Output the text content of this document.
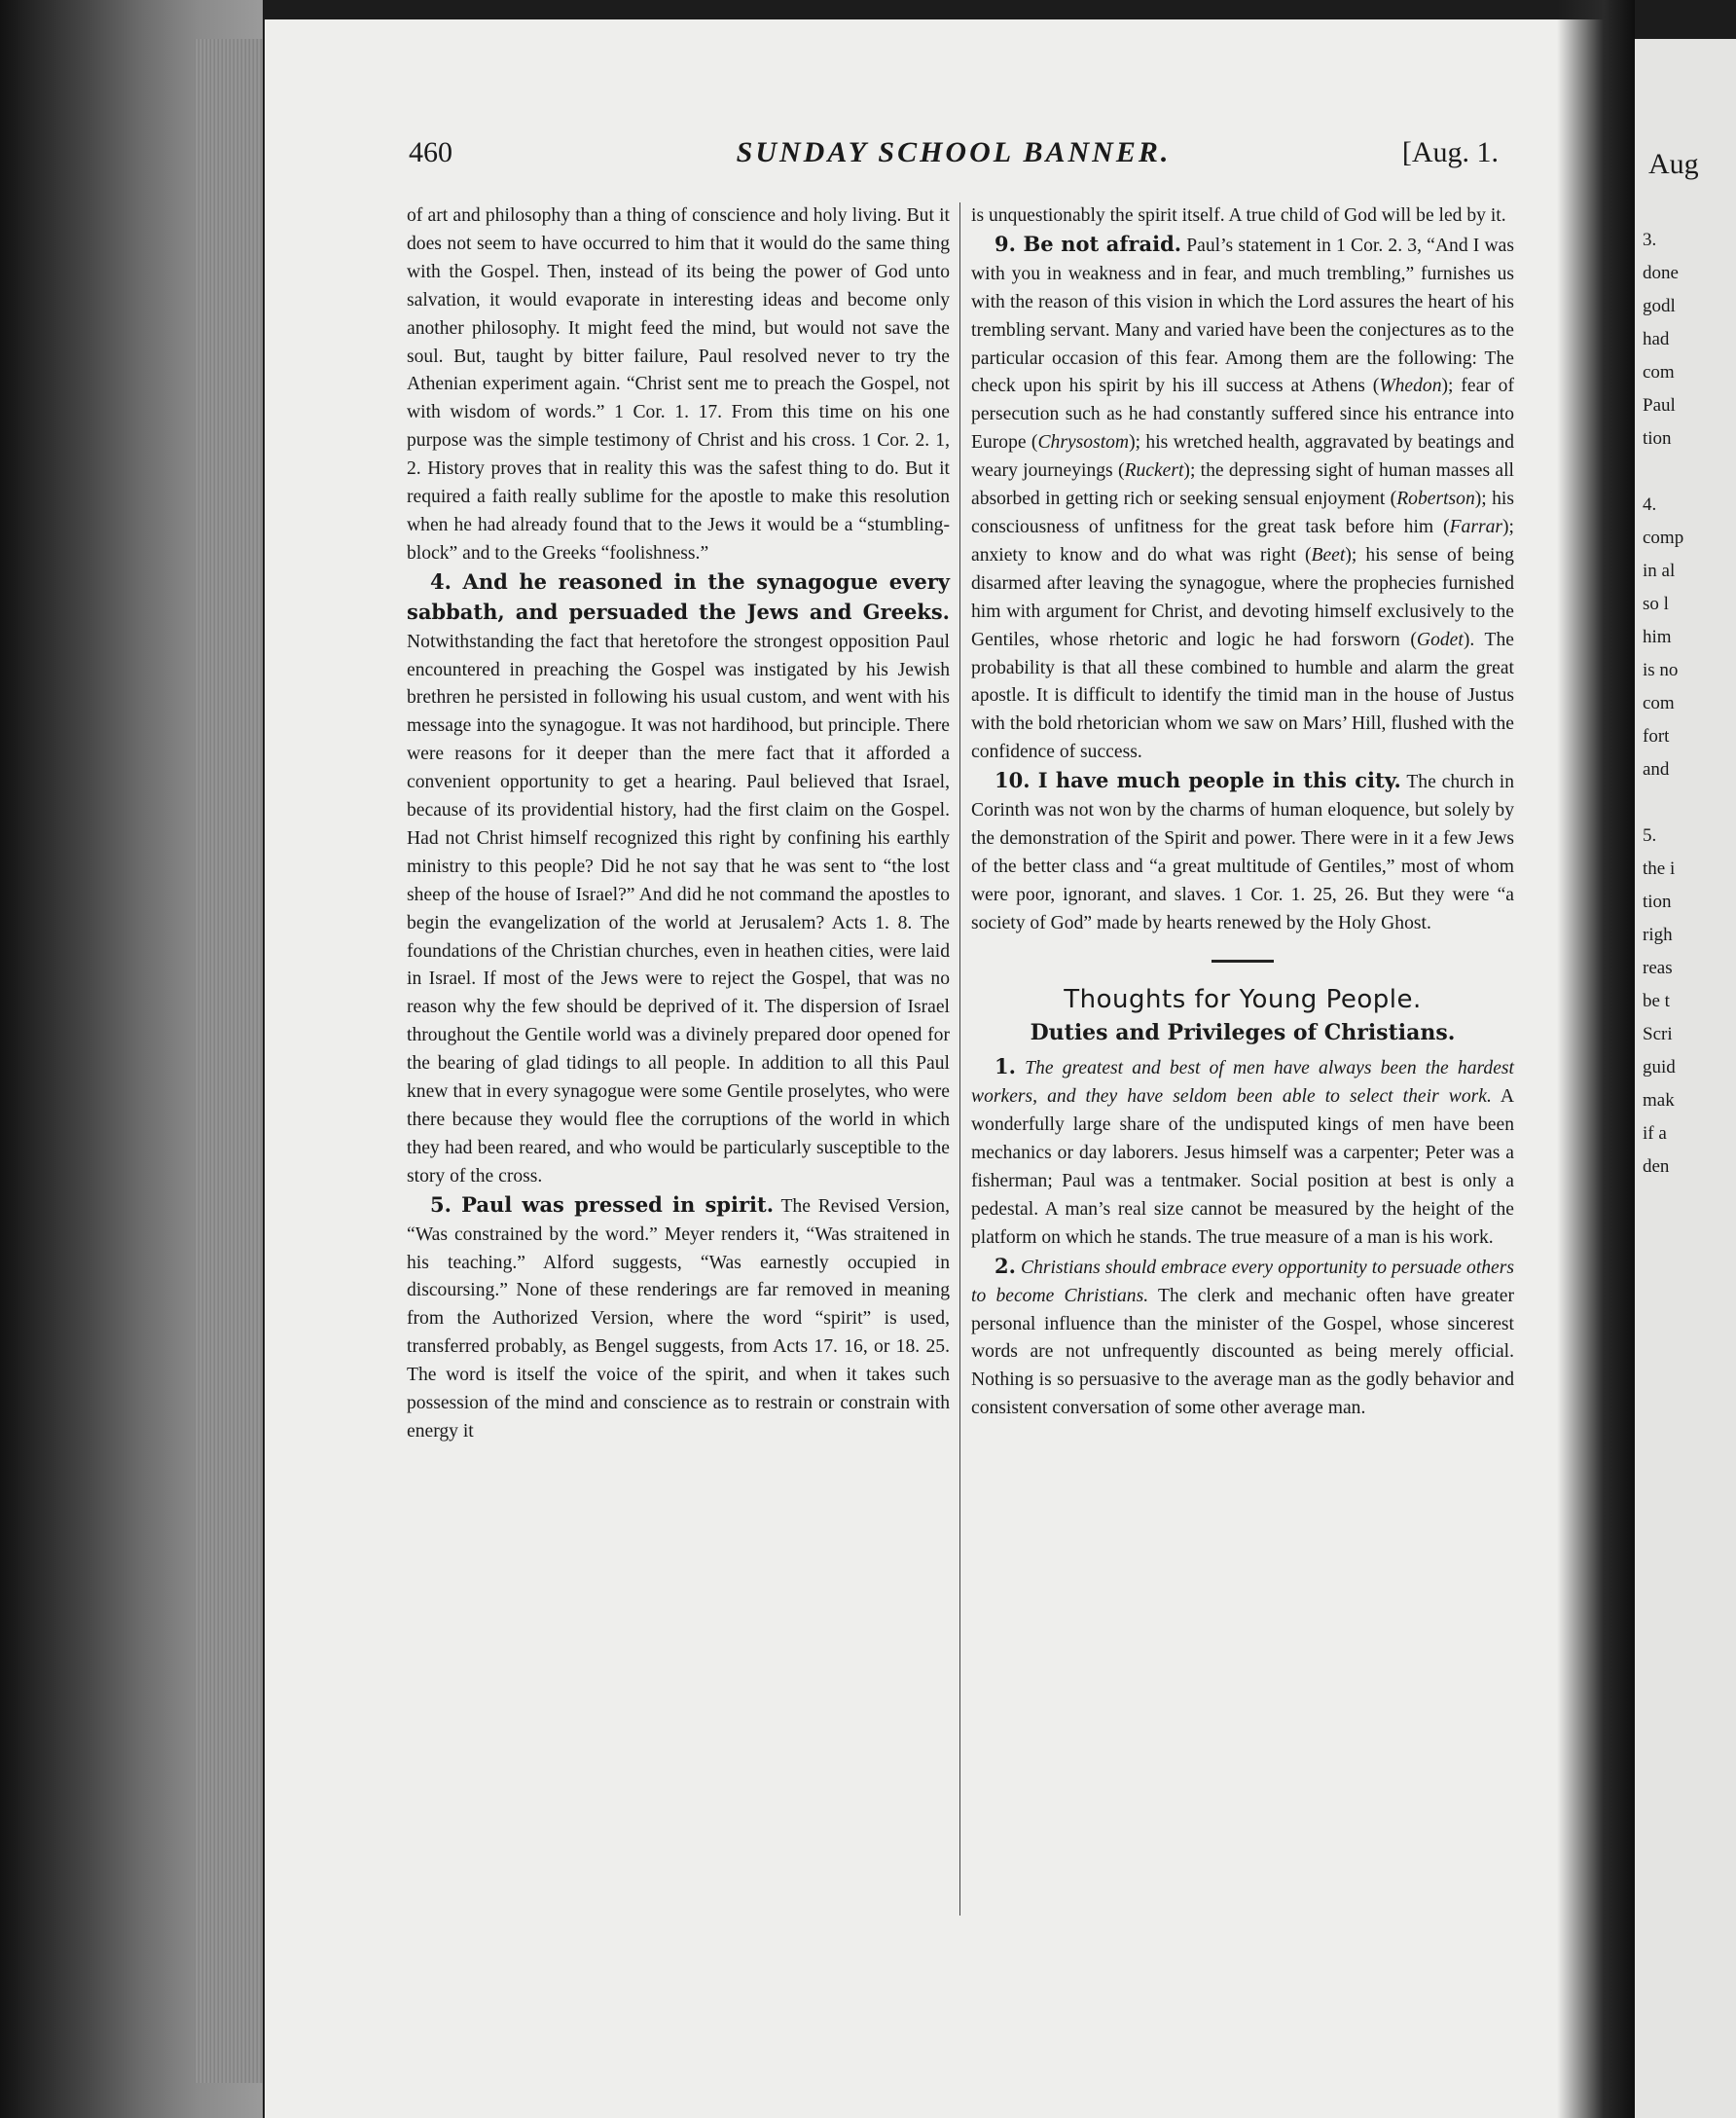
460	SUNDAY SCHOOL BANNER.	[Aug. 1.

of art and philosophy than a thing of conscience and holy living. But it does not seem to have occurred to him that it would do the same thing with the Gospel. Then, instead of its being the power of God unto salvation, it would evaporate in interesting ideas and become only another philosophy. It might feed the mind, but would not save the soul. But, taught by bitter failure, Paul resolved never to try the Athenian experiment again. “Christ sent me to preach the Gospel, not with wisdom of words.” 1 Cor. 1. 17. From this time on his one purpose was the simple testimony of Christ and his cross. 1 Cor. 2. 1, 2. History proves that in reality this was the safest thing to do. But it required a faith really sublime for the apostle to make this resolution when he had already found that to the Jews it would be a “stumbling-block” and to the Greeks “foolishness.”

4. And he reasoned in the synagogue every sabbath, and persuaded the Jews and Greeks. Notwithstanding the fact that heretofore the strongest opposition Paul encountered in preaching the Gospel was instigated by his Jewish brethren he persisted in following his usual custom, and went with his message into the synagogue. It was not hardihood, but principle. There were reasons for it deeper than the mere fact that it afforded a convenient opportunity to get a hearing. Paul believed that Israel, because of its providential history, had the first claim on the Gospel. Had not Christ himself recognized this right by confining his earthly ministry to this people? Did he not say that he was sent to “the lost sheep of the house of Israel?” And did he not command the apostles to begin the evangelization of the world at Jerusalem? Acts 1. 8. The foundations of the Christian churches, even in heathen cities, were laid in Israel. If most of the Jews were to reject the Gospel, that was no reason why the few should be deprived of it. The dispersion of Israel throughout the Gentile world was a divinely prepared door opened for the bearing of glad tidings to all people. In addition to all this Paul knew that in every synagogue were some Gentile proselytes, who were there because they would flee the corruptions of the world in which they had been reared, and who would be particularly susceptible to the story of the cross.

5. Paul was pressed in spirit. The Revised Version, “Was constrained by the word.” Meyer renders it, “Was straitened in his teaching.” Alford suggests, “Was earnestly occupied in discoursing.” None of these renderings are far removed in meaning from the Authorized Version, where the word “spirit” is used, transferred probably, as Bengel suggests, from Acts 17. 16, or 18. 25. The word is itself the voice of the spirit, and when it takes such possession of the mind and conscience as to restrain or constrain with energy it

is unquestionably the spirit itself. A true child of God will be led by it.

9. Be not afraid. Paul’s statement in 1 Cor. 2. 3, “And I was with you in weakness and in fear, and much trembling,” furnishes us with the reason of this vision in which the Lord assures the heart of his trembling servant. Many and varied have been the conjectures as to the particular occasion of this fear. Among them are the following: The check upon his spirit by his ill success at Athens (Whedon); fear of persecution such as he had constantly suffered since his entrance into Europe (Chrysostom); his wretched health, aggravated by beatings and weary journeyings (Ruckert); the depressing sight of human masses all absorbed in getting rich or seeking sensual enjoyment (Robertson); his consciousness of unfitness for the great task before him (Farrar); anxiety to know and do what was right (Beet); his sense of being disarmed after leaving the synagogue, where the prophecies furnished him with argument for Christ, and devoting himself exclusively to the Gentiles, whose rhetoric and logic he had forsworn (Godet). The probability is that all these combined to humble and alarm the great apostle. It is difficult to identify the timid man in the house of Justus with the bold rhetorician whom we saw on Mars’ Hill, flushed with the confidence of success.

10. I have much people in this city. The church in Corinth was not won by the charms of human eloquence, but solely by the demonstration of the Spirit and power. There were in it a few Jews of the better class and “a great multitude of Gentiles,” most of whom were poor, ignorant, and slaves. 1 Cor. 1. 25, 26. But they were “a society of God” made by hearts renewed by the Holy Ghost.

Thoughts for Young People.
Duties and Privileges of Christians.

1. The greatest and best of men have always been the hardest workers, and they have seldom been able to select their work. A wonderfully large share of the undisputed kings of men have been mechanics or day laborers. Jesus himself was a carpenter; Peter was a fisherman; Paul was a tentmaker. Social position at best is only a pedestal. A man’s real size cannot be measured by the height of the platform on which he stands. The true measure of a man is his work.

2. Christians should embrace every opportunity to persuade others to become Christians. The clerk and mechanic often have greater personal influence than the minister of the Gospel, whose sincerest words are not unfrequently discounted as being merely official. Nothing is so persuasive to the average man as the godly behavior and consistent conversation of some other average man.

Aug
3.
done
godl
had
com
Paul
tion

4.
comp
in al
so l
him
is no
com
fort
and

5.
the i
tion
righ
reas
be t
Scri
guid
mak
if a
den
